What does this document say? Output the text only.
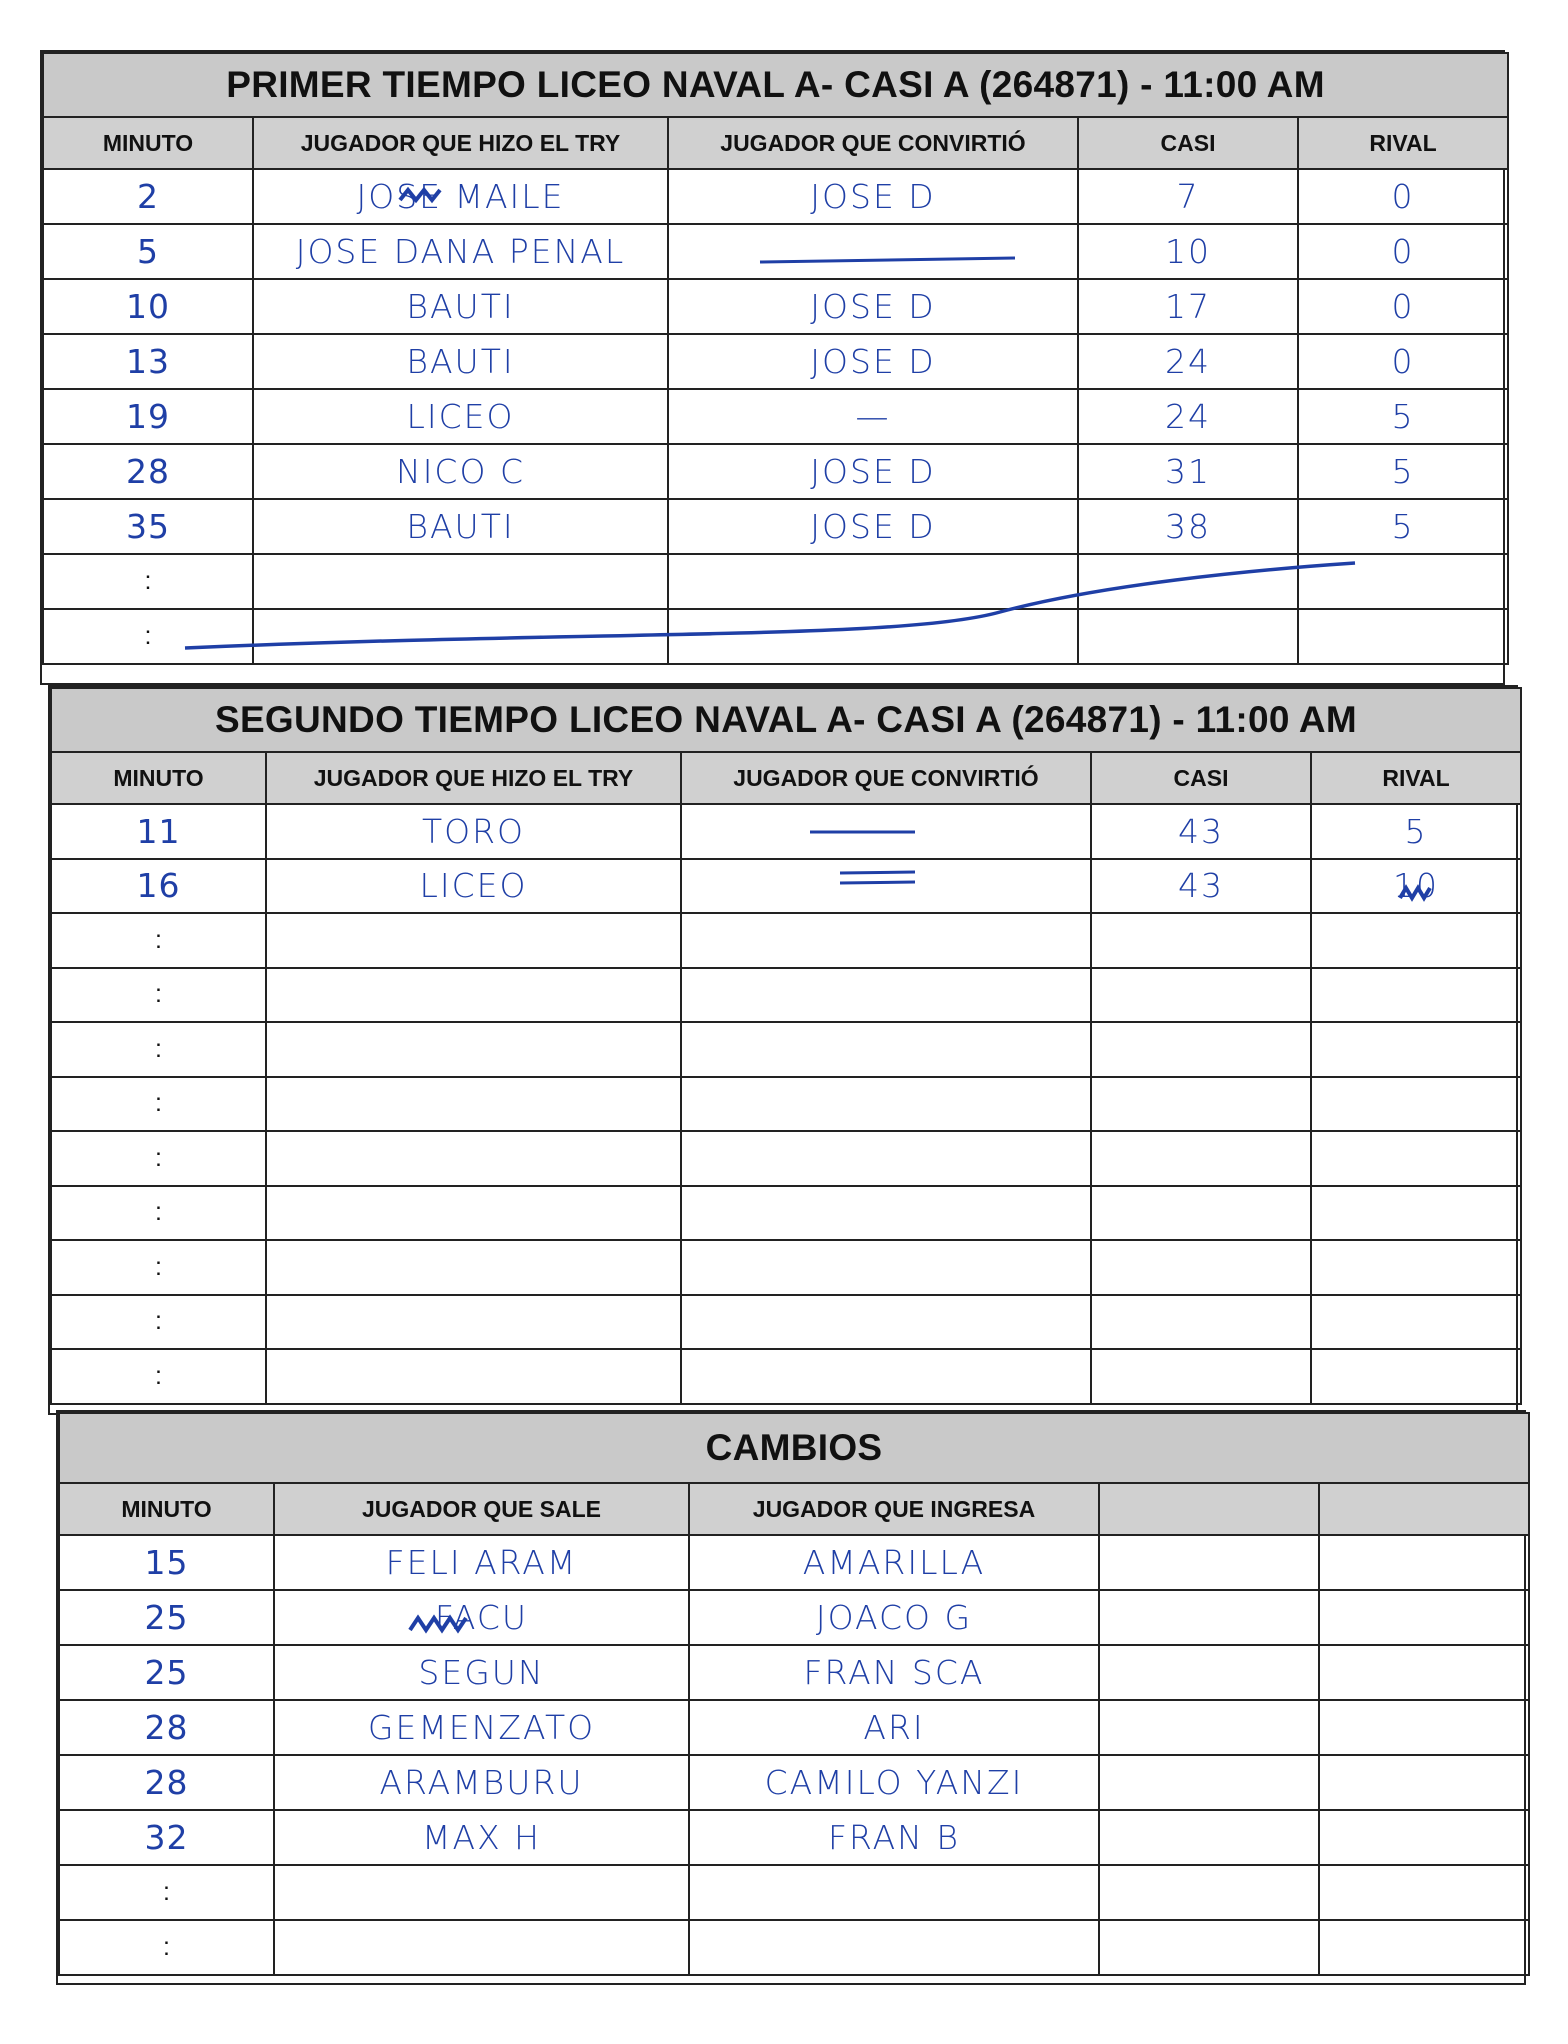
PRIMER TIEMPO LICEO NAVAL A- CASI A (264871) - 11:00 AM				
MINUTO	JUGADOR QUE HIZO EL TRY	JUGADOR QUE CONVIRTIÓ	CASI	RIVAL
2	JOSE MAILE	JOSE D	7	0
5	JOSE DANA PENAL		10	0
10	BAUTI	JOSE D	17	0
13	BAUTI	JOSE D	24	0
19	LICEO	—	24	5
28	NICO C	JOSE D	31	5
35	BAUTI	JOSE D	38	5
:				
:				
SEGUNDO TIEMPO LICEO NAVAL A- CASI A (264871) - 11:00 AM				
MINUTO	JUGADOR QUE HIZO EL TRY	JUGADOR QUE CONVIRTIÓ	CASI	RIVAL
11	TORO		43	5
16	LICEO		43	10
:				
:				
:				
:				
:				
:				
:				
:				
:				
CAMBIOS				
MINUTO	JUGADOR QUE SALE	JUGADOR QUE INGRESA		
15	FELI ARAM	AMARILLA		
25	FACU	JOACO G		
25	SEGUN	FRAN SCA		
28	GEMENZATO	ARI		
28	ARAMBURU	CAMILO YANZI		
32	MAX H	FRAN B		
:				
:				
